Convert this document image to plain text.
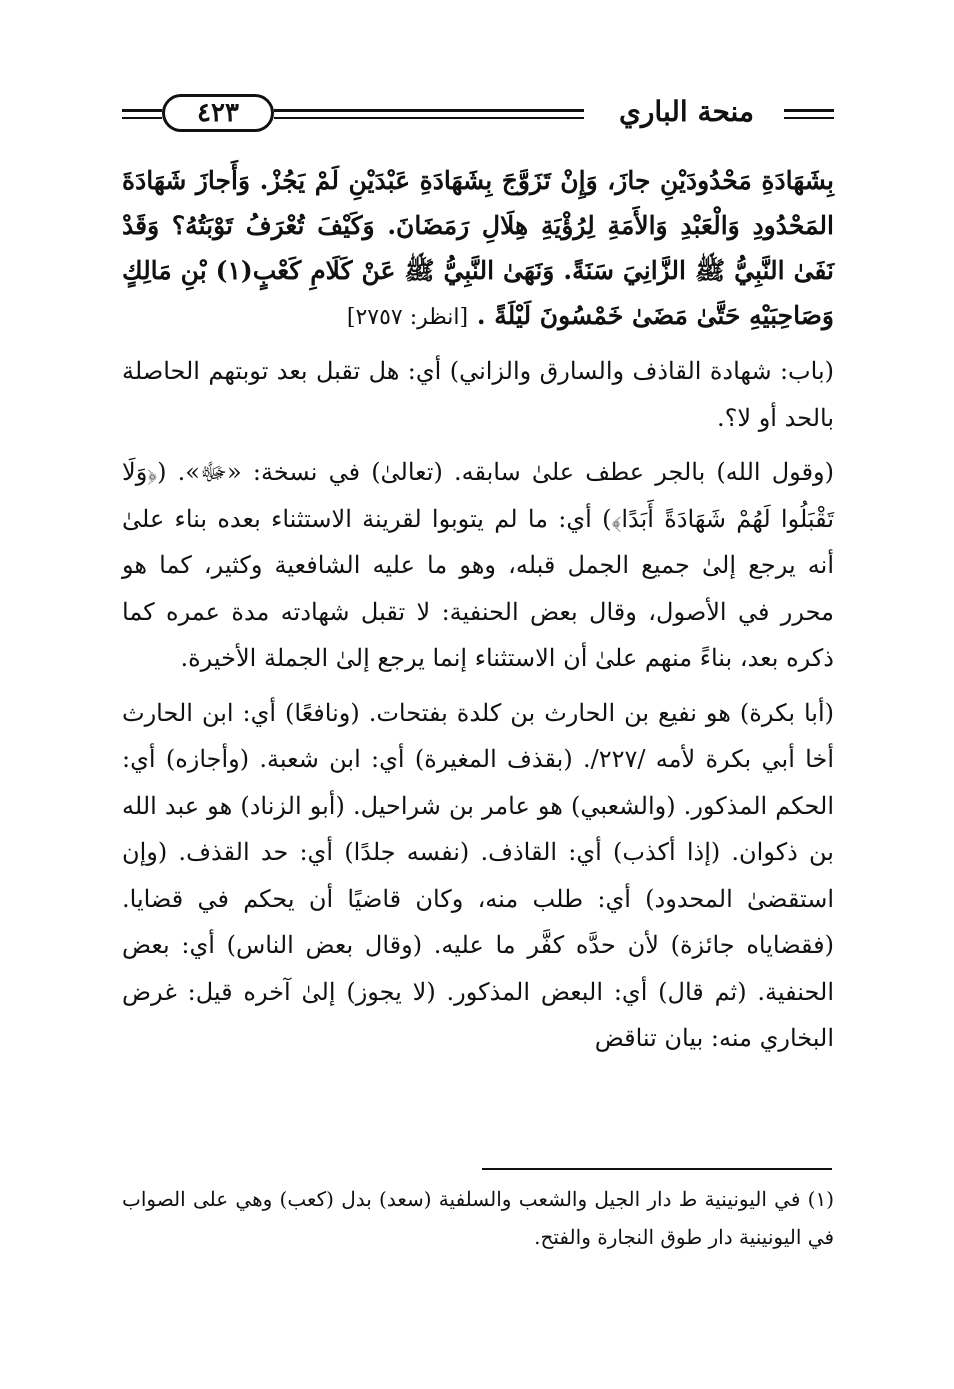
٤٢٣	منحة الباري

بِشَهَادَةِ مَحْدُودَيْنِ جازَ، وَإِنْ تَزَوَّجَ بِشَهَادَةِ عَبْدَيْنِ لَمْ يَجُزْ. وَأَجازَ شَهَادَةَ المَحْدُودِ وَالْعَبْدِ وَالأَمَةِ لِرُؤْيَةِ هِلَالِ رَمَضَانَ. وَكَيْفَ تُعْرَفُ تَوْبَتُهُ؟ وَقَدْ نَفَىٰ النَّبِيُّ ﷺ الزَّانِيَ سَنَةً. وَنَهَىٰ النَّبِيُّ ﷺ عَنْ كَلَامِ كَعْبٍ(١) بْنِ مَالِكٍ وَصَاحِبَيْهِ حَتَّىٰ مَضَىٰ خَمْسُونَ لَيْلَةً . [انظر: ٢٧٥٧]

(باب: شهادة القاذف والسارق والزاني) أي: هل تقبل بعد توبتهم الحاصلة بالحد أو لا؟.

(وقول الله) بالجر عطف علىٰ سابقه. (تعالىٰ) في نسخة: «ﷻ». (﴿وَلَا تَقْبَلُوا لَهُمْ شَهَادَةً أَبَدًا﴾) أي: ما لم يتوبوا لقرينة الاستثناء بعده بناء علىٰ أنه يرجع إلىٰ جميع الجمل قبله، وهو ما عليه الشافعية وكثير، كما هو محرر في الأصول، وقال بعض الحنفية: لا تقبل شهادته مدة عمره كما ذكره بعد، بناءً منهم علىٰ أن الاستثناء إنما يرجع إلىٰ الجملة الأخيرة.

(أبا بكرة) هو نفيع بن الحارث بن كلدة بفتحات. (ونافعًا) أي: ابن الحارث أخا أبي بكرة لأمه /٢٢٧/. (بقذف المغيرة) أي: ابن شعبة. (وأجازه) أي: الحكم المذكور. (والشعبي) هو عامر بن شراحيل. (أبو الزناد) هو عبد الله بن ذكوان. (إذا أكذب) أي: القاذف. (نفسه جلدًا) أي: حد القذف. (وإن استقضىٰ المحدود) أي: طلب منه، وكان قاضيًا أن يحكم في قضايا. (فقضاياه جائزة) لأن حدَّه كفَّر ما عليه. (وقال بعض الناس) أي: بعض الحنفية. (ثم قال) أي: البعض المذكور. (لا يجوز) إلىٰ آخره قيل: غرض البخاري منه: بيان تناقض

(١) في اليونينية ط دار الجيل والشعب والسلفية (سعد) بدل (كعب) وهي على الصواب في اليونينية دار طوق النجارة والفتح.
